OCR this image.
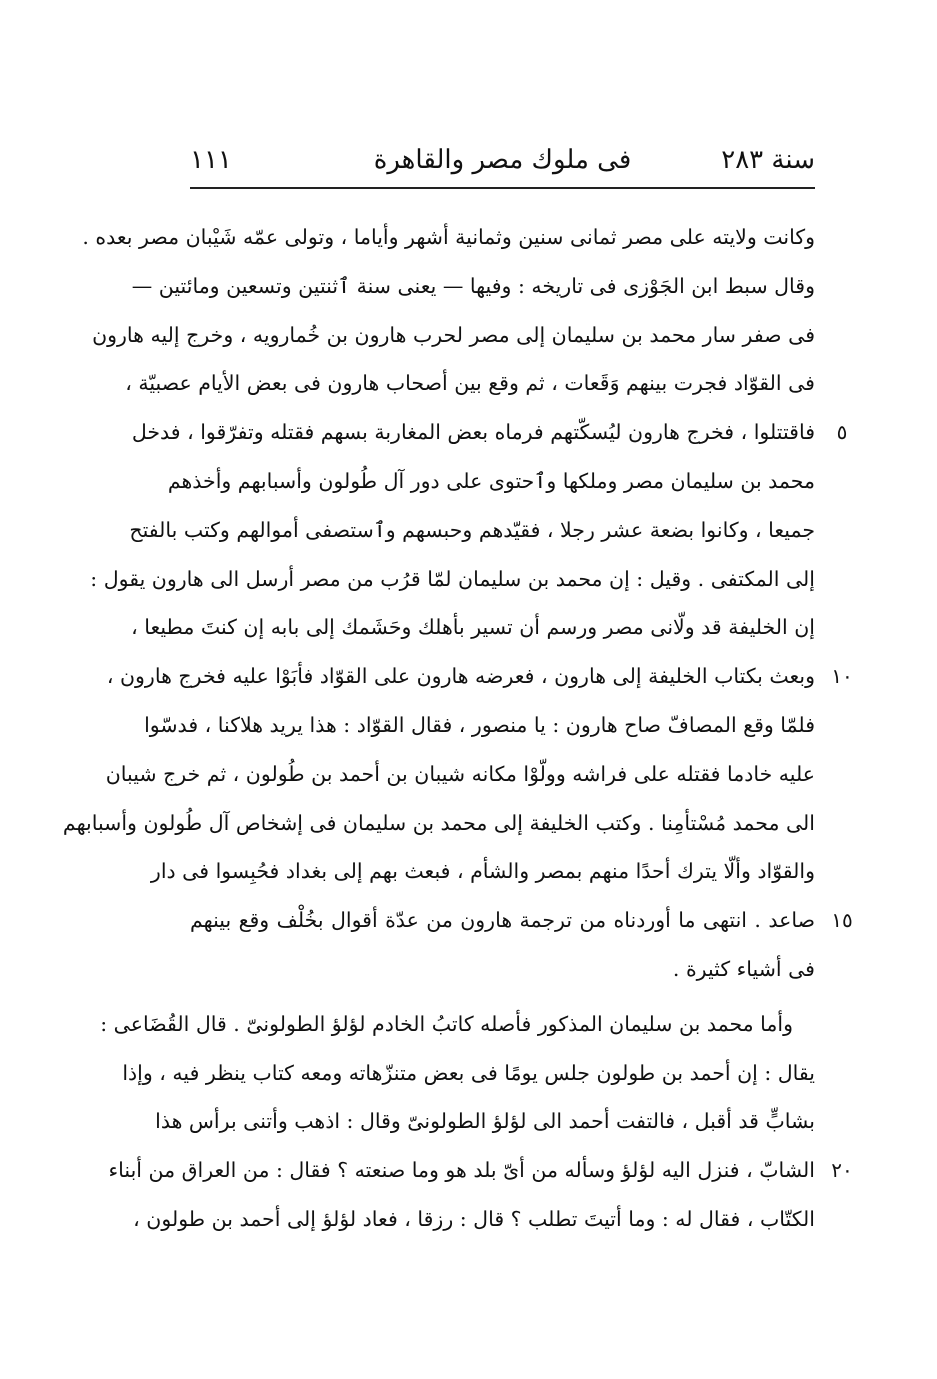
سنة ٢٨٣
فى ملوك مصر والقاهرة
١١١
وكانت ولايته على مصر ثمانى سنين وثمانية أشهر وأياما ، وتولى عمّه شَيْبان مصر بعده .
وقال سبط ابن الجَوْزى فى تاريخه : وفيها — يعنى سنة ٱثنتين وتسعين ومائتين —
فى صفر سار محمد بن سليمان إلى مصر لحرب هارون بن خُمارويه ، وخرج إليه هارون
فى القوّاد فجرت بينهم وَقَعات ، ثم وقع بين أصحاب هارون فى بعض الأيام عصبيّة ،
فاقتتلوا ، فخرج هارون ليُسكّتهم فرماه بعض المغاربة بسهم فقتله وتفرّقوا ، فدخل
محمد بن سليمان مصر وملكها وٱحتوى على دور آل طُولون وأسبابهم وأخذهم
جميعا ، وكانوا بضعة عشر رجلا ، فقيّدهم وحبسهم وٱستصفى أموالهم وكتب بالفتح
إلى المكتفى . وقيل : إن محمد بن سليمان لمّا قرُب من مصر أرسل الى هارون يقول :
إن الخليفة قد ولّانى مصر ورسم أن تسير بأهلك وحَشَمك إلى بابه إن كنتَ مطيعا ،
وبعث بكتاب الخليفة إلى هارون ، فعرضه هارون على القوّاد فأبَوْا عليه فخرج هارون ،
فلمّا وقع المصافّ صاح هارون : يا منصور ، فقال القوّاد : هذا يريد هلاكنا ، فدسّوا
عليه خادما فقتله على فراشه وولّوْا مكانه شيبان بن أحمد بن طُولون ، ثم خرج شيبان
الى محمد مُسْتأمِنا . وكتب الخليفة إلى محمد بن سليمان فى إشخاص آل طُولون وأسبابهم
والقوّاد وألّا يترك أحدًا منهم بمصر والشأم ، فبعث بهم إلى بغداد فحُبِسوا فى دار
صاعد . انتهى ما أوردناه من ترجمة هارون من عدّة أقوال بخُلْف وقع بينهم
فى أشياء كثيرة .
وأما محمد بن سليمان المذكور فأصله كاتبُ الخادم لؤلؤ الطولونىّ . قال القُضَاعى :
يقال : إن أحمد بن طولون جلس يومًا فى بعض متنزّهاته ومعه كتاب ينظر فيه ، وإذا
بشابٍّ قد أقبل ، فالتفت أحمد الى لؤلؤ الطولونىّ وقال : اذهب وأتنى برأس هذا
الشابّ ، فنزل اليه لؤلؤ وسأله من أىّ بلد هو وما صنعته ؟ فقال : من العراق من أبناء
الكتّاب ، فقال له : وما أتيتَ تطلب ؟ قال : رزقا ، فعاد لؤلؤ إلى أحمد بن طولون ،
٥
١٠
١٥
٢٠
